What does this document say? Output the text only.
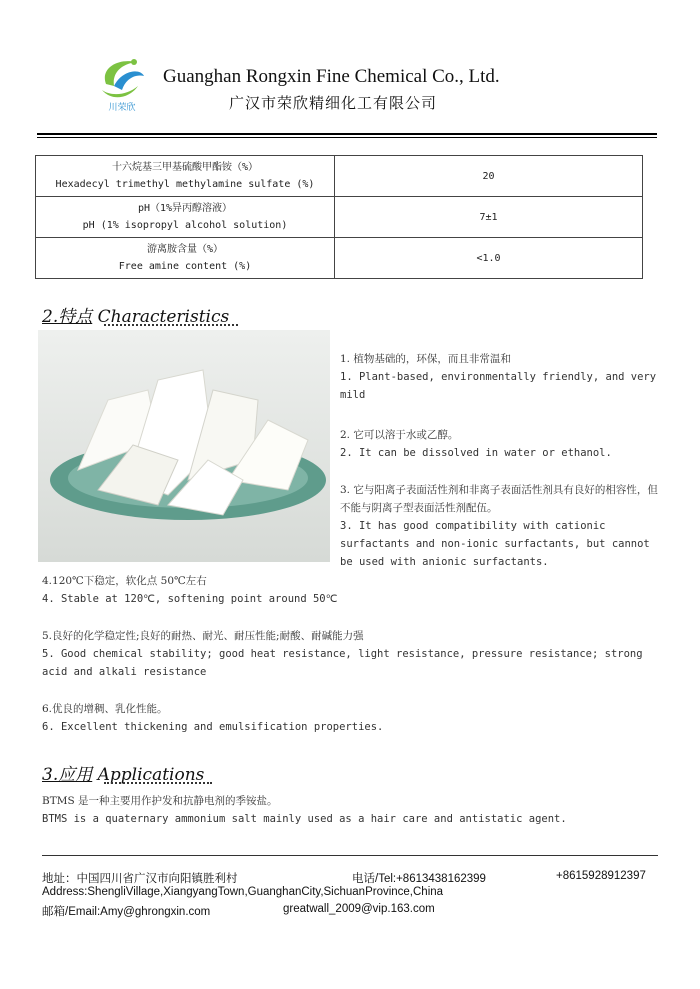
川荣欣
Guanghan Rongxin Fine Chemical Co., Ltd.
广汉市荣欣精细化工有限公司
十六烷基三甲基硫酸甲酯铵（%）
Hexadecyl trimethyl methylamine sulfate (%)	20

pH（1%异丙醇溶液）
pH (1% isopropyl alcohol solution)	7±1

游离胺含量（%）
Free amine content (%)	<1.0
2.特点 Characteristics
1. 植物基础的，环保，而且非常温和
1. Plant-based, environmentally friendly, and very mild
2. 它可以溶于水或乙醇。
2. It can be dissolved in water or ethanol.
3. 它与阳离子表面活性剂和非离子表面活性剂具有良好的相容性，但不能与阴离子型表面活性剂配伍。
3. It has good compatibility with cationic surfactants and non-ionic surfactants, but cannot be used with anionic surfactants.
4.120℃下稳定，软化点 50℃左右
4. Stable at 120℃, softening point around 50℃
5.良好的化学稳定性;良好的耐热、耐光、耐压性能;耐酸、耐碱能力强
5. Good chemical stability; good heat resistance, light resistance, pressure resistance; strong acid and alkali resistance
6.优良的增稠、乳化性能。
6. Excellent thickening and emulsification properties.
3.应用 Applications
BTMS 是一种主要用作护发和抗静电剂的季铵盐。
BTMS is a quaternary ammonium salt mainly used as a hair care and antistatic agent.
地址：中国四川省广汉市向阳镇胜利村	电话/Tel:+8613438162399	+8615928912397
Address:ShengliVillage,XiangyangTown,GuanghanCity,SichuanProvince,China
邮箱/Email:Amy@ghrongxin.com	greatwall_2009@vip.163.com
